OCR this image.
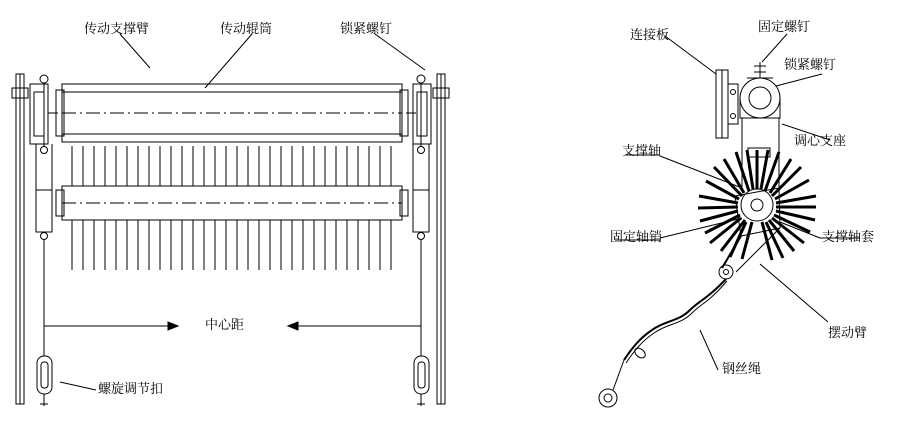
传动支撑臂	传动辊筒	锁紧螺钉
中心距
螺旋调节扣
连接板
固定螺钉
锁紧螺钉
调心支座
支撑轴
固定轴销	支撑轴套
摆动臂
钢丝绳
